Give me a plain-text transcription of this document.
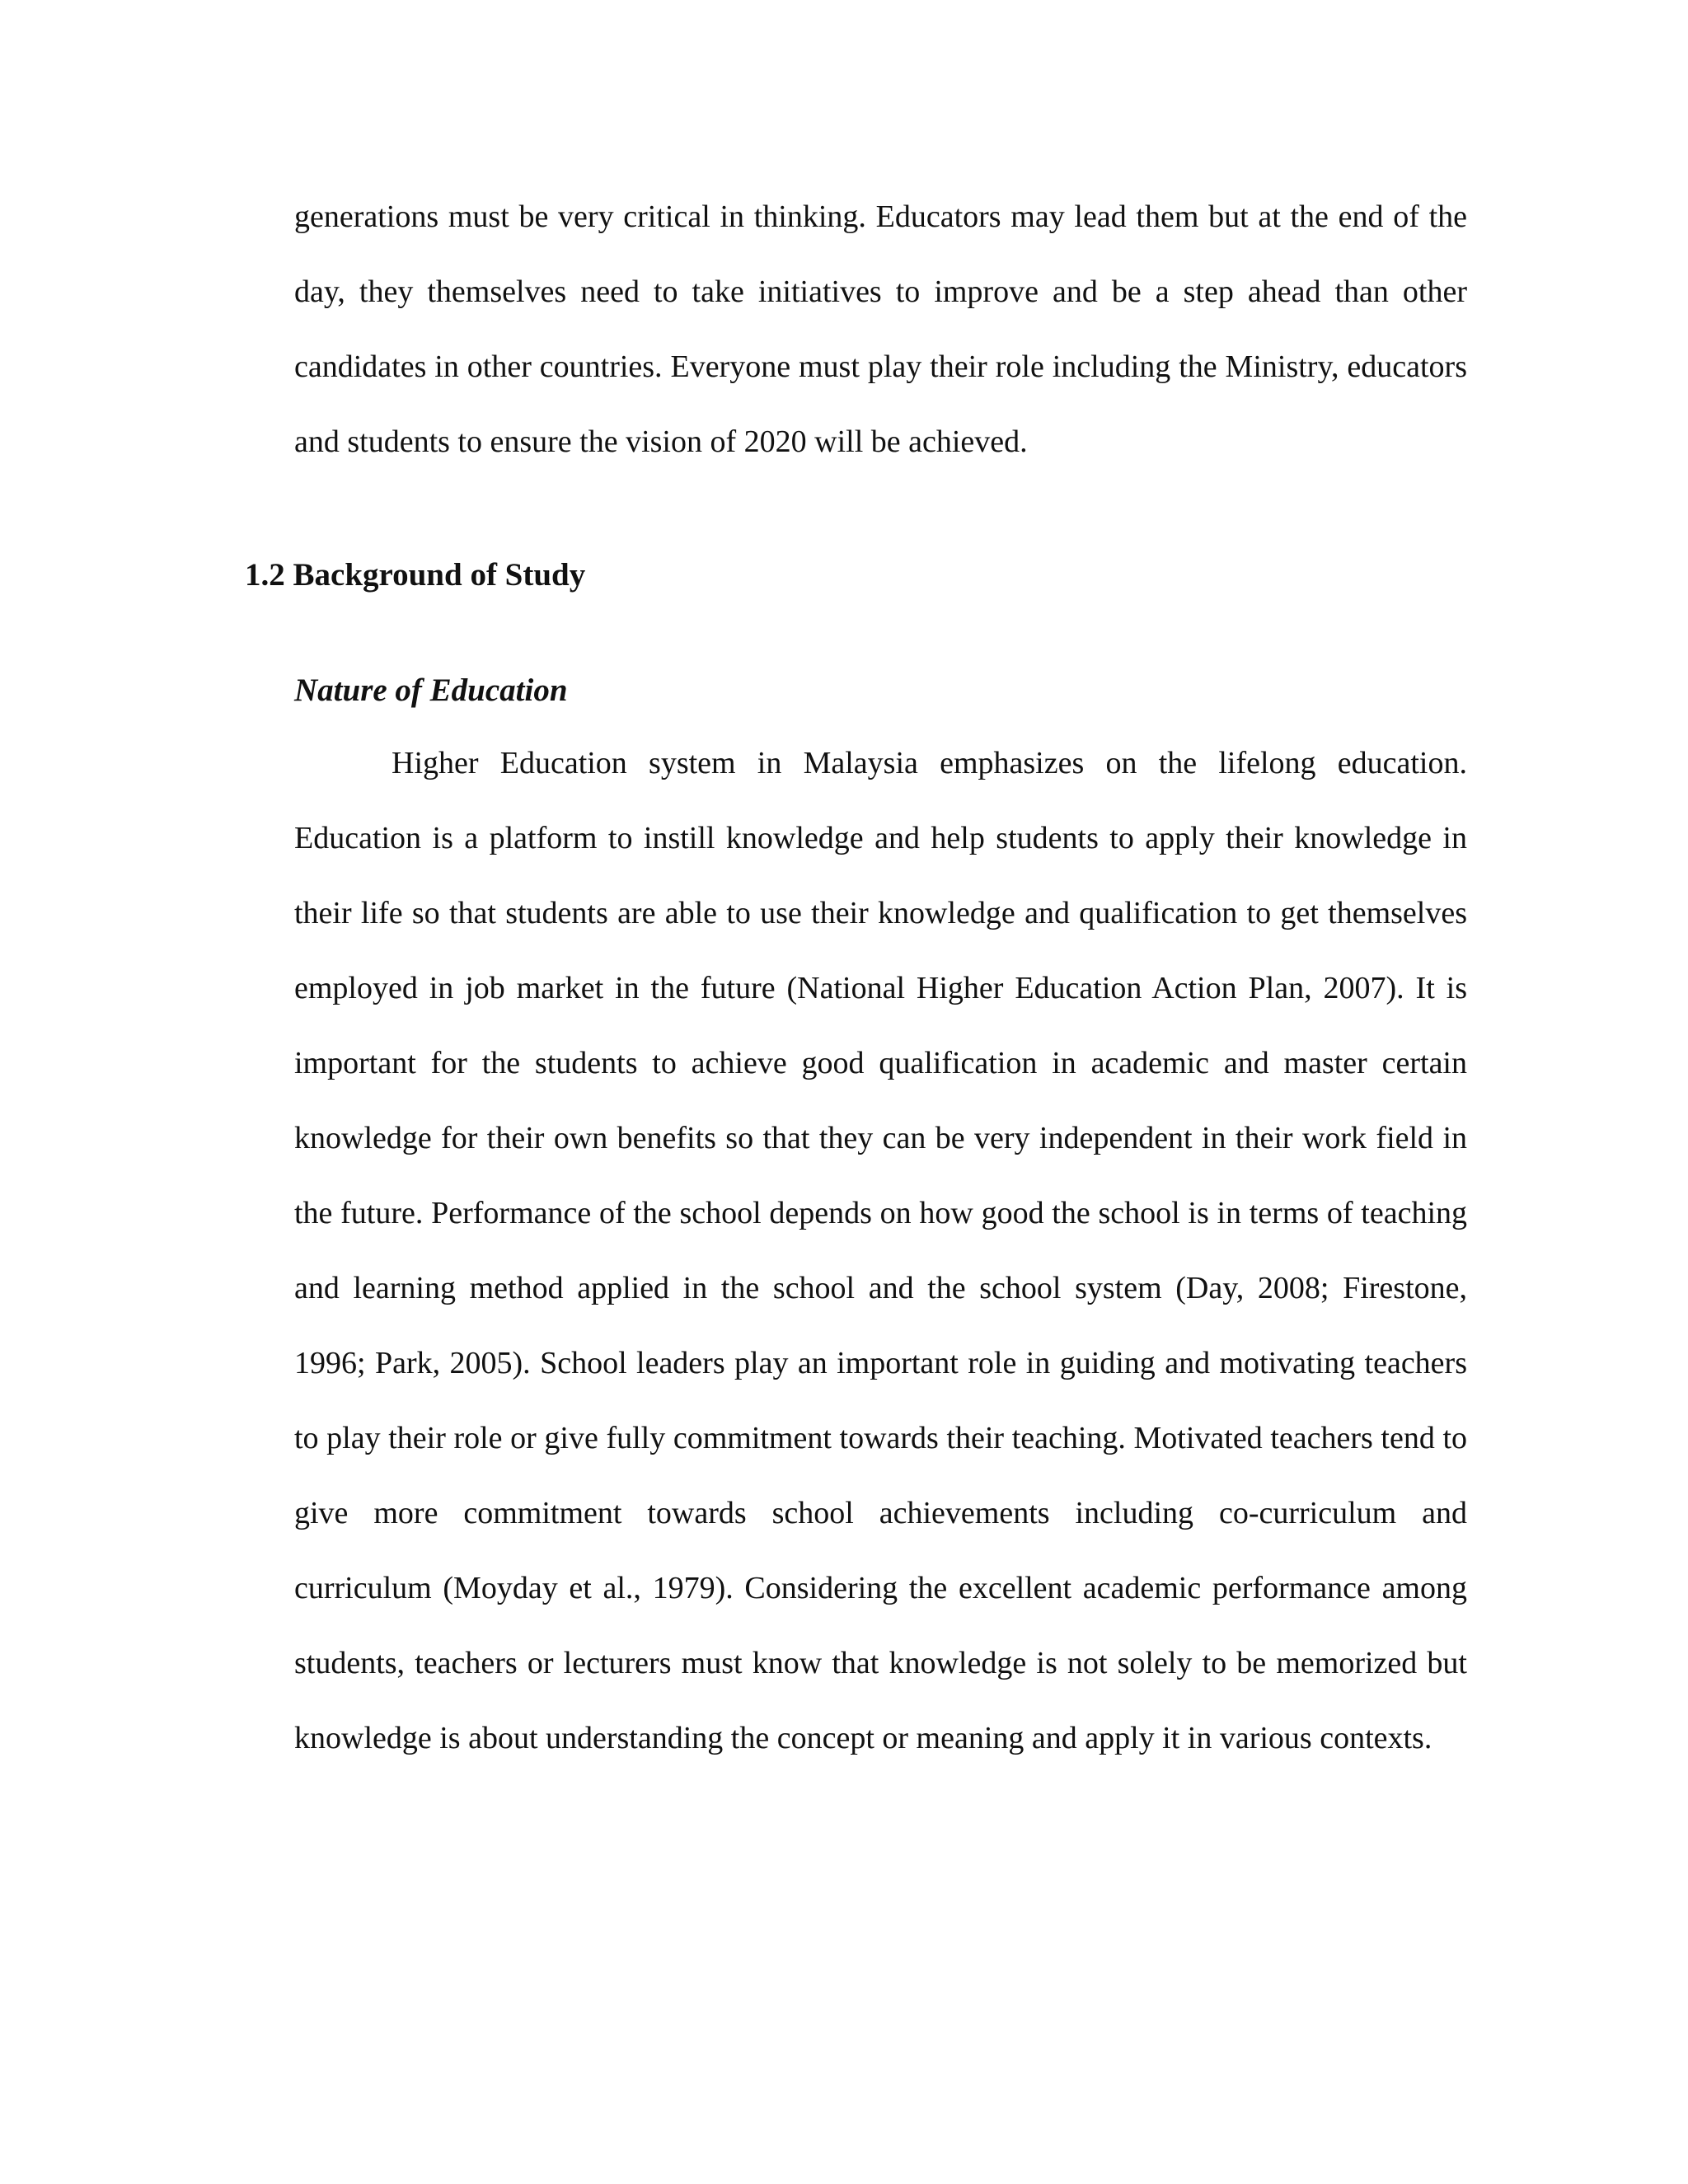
generations must be very critical in thinking. Educators may lead them but at the end of the day, they themselves need to take initiatives to improve and be a step ahead than other candidates in other countries. Everyone must play their role including the Ministry, educators and students to ensure the vision of 2020 will be achieved.

1.2 Background of Study
Nature of Education

Higher Education system in Malaysia emphasizes on the lifelong education. Education is a platform to instill knowledge and help students to apply their knowledge in their life so that students are able to use their knowledge and qualification to get themselves employed in job market in the future (National Higher Education Action Plan, 2007). It is important for the students to achieve good qualification in academic and master certain knowledge for their own benefits so that they can be very independent in their work field in the future. Performance of the school depends on how good the school is in terms of teaching and learning method applied in the school and the school system (Day, 2008; Firestone, 1996; Park, 2005). School leaders play an important role in guiding and motivating teachers to play their role or give fully commitment towards their teaching. Motivated teachers tend to give more commitment towards school achievements including co-curriculum and curriculum (Moyday et al., 1979). Considering the excellent academic performance among students, teachers or lecturers must know that knowledge is not solely to be memorized but knowledge is about understanding the concept or meaning and apply it in various contexts.
